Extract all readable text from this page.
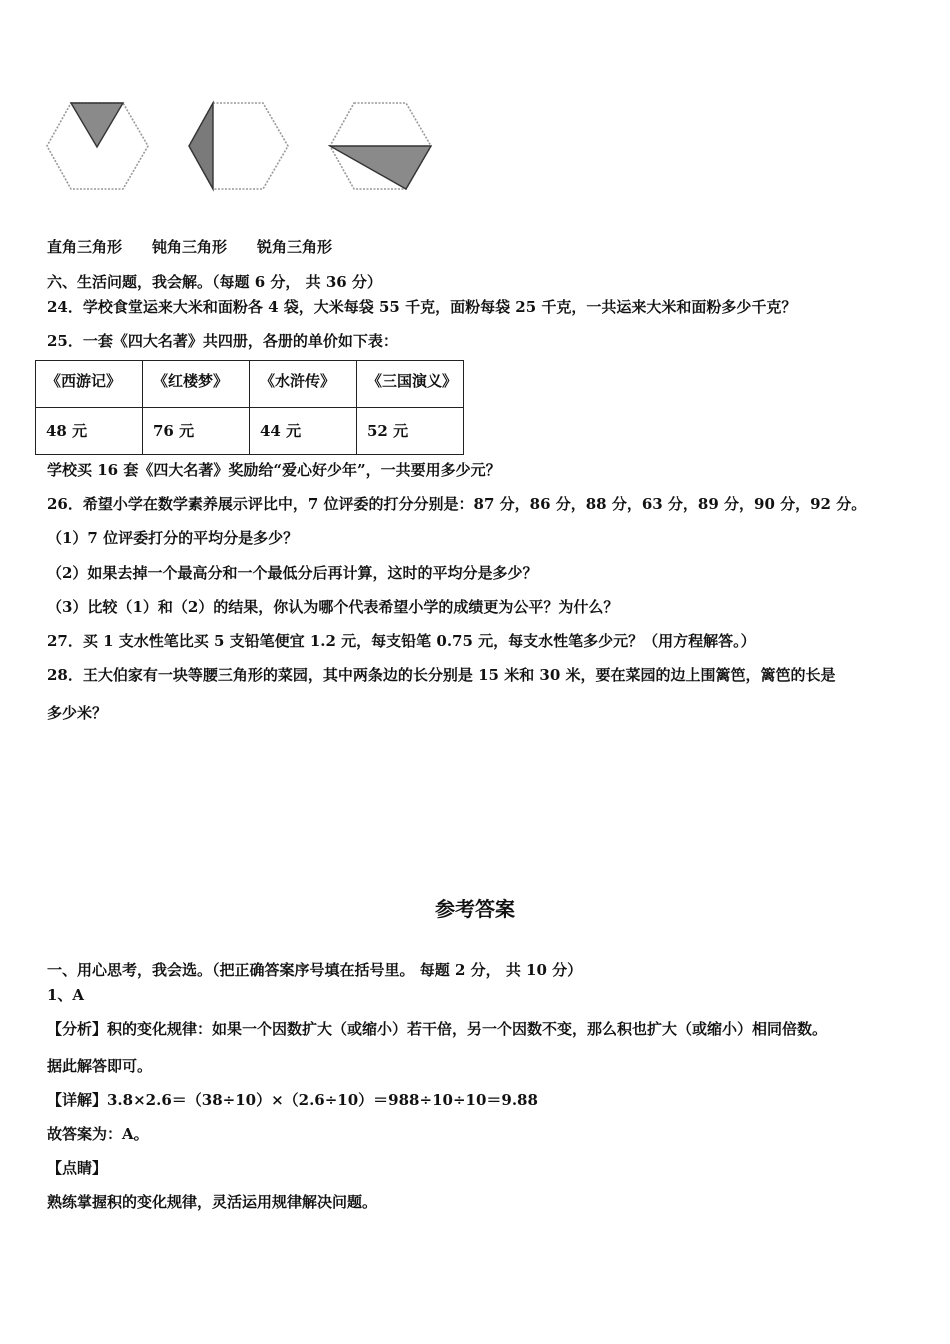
直角三角形　　钝角三角形　　锐角三角形
六、生活问题，我会解。（每题 6 分， 共 36 分）
24．学校食堂运来大米和面粉各 4 袋，大米每袋 55 千克，面粉每袋 25 千克，一共运来大米和面粉多少千克？
25．一套《四大名著》共四册，各册的单价如下表：
《西游记》	《红楼梦》	《水浒传》	《三国演义》
48 元	76 元	44 元	52 元
学校买 16 套《四大名著》奖励给“爱心好少年”，一共要用多少元？
26．希望小学在数学素养展示评比中，7 位评委的打分分别是：87 分，86 分，88 分，63 分，89 分，90 分，92 分。
（1）7 位评委打分的平均分是多少？
（2）如果去掉一个最高分和一个最低分后再计算，这时的平均分是多少？
（3）比较（1）和（2）的结果，你认为哪个代表希望小学的成绩更为公平？为什么？
27．买 1 支水性笔比买 5 支铅笔便宜 1.2 元，每支铅笔 0.75 元，每支水性笔多少元？（用方程解答。）
28．王大伯家有一块等腰三角形的菜园，其中两条边的长分别是 15 米和 30 米，要在菜园的边上围篱笆，篱笆的长是
多少米？
参考答案
一、用心思考，我会选。（把正确答案序号填在括号里。 每题 2 分， 共 10 分）
1、A
【分析】积的变化规律：如果一个因数扩大（或缩小）若干倍，另一个因数不变，那么积也扩大（或缩小）相同倍数。
据此解答即可。
【详解】3.8×2.6＝（38÷10）×（2.6÷10）＝988÷10÷10＝9.88
故答案为：A。
【点睛】
熟练掌握积的变化规律，灵活运用规律解决问题。
